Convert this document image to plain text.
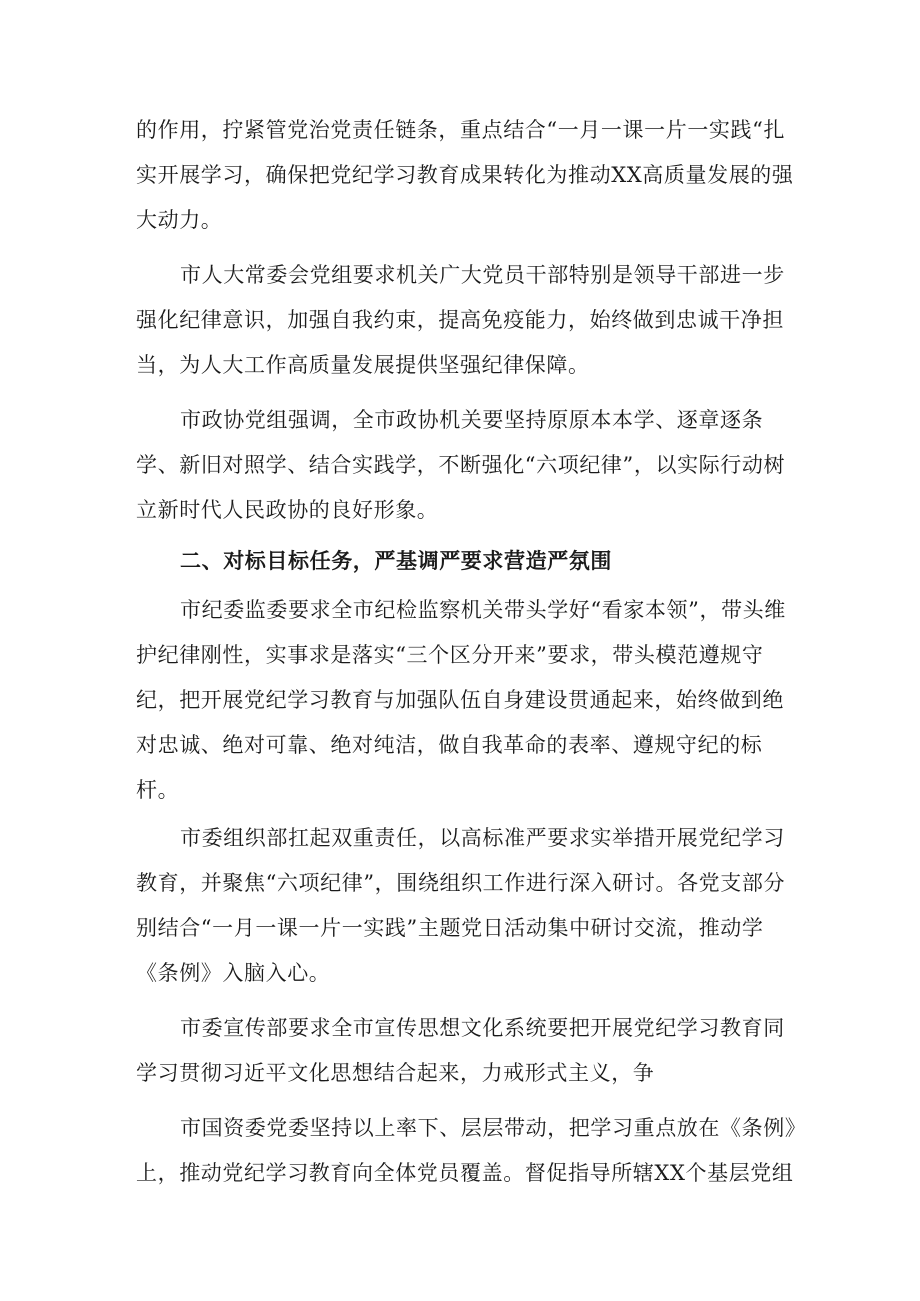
的作用，拧紧管党治党责任链条，重点结合“一月一课一片一实践“扎实开展学习，确保把党纪学习教育成果转化为推动XX高质量发展的强大动力。

市人大常委会党组要求机关广大党员干部特别是领导干部进一步强化纪律意识，加强自我约束，提高免疫能力，始终做到忠诚干净担当，为人大工作高质量发展提供坚强纪律保障。

市政协党组强调，全市政协机关要坚持原原本本学、逐章逐条学、新旧对照学、结合实践学，不断强化“六项纪律”，以实际行动树立新时代人民政协的良好形象。

二、对标目标任务，严基调严要求营造严氛围

市纪委监委要求全市纪检监察机关带头学好“看家本领”，带头维护纪律刚性，实事求是落实“三个区分开来”要求，带头模范遵规守纪，把开展党纪学习教育与加强队伍自身建设贯通起来，始终做到绝对忠诚、绝对可靠、绝对纯洁，做自我革命的表率、遵规守纪的标杆。

市委组织部扛起双重责任，以高标准严要求实举措开展党纪学习教育，并聚焦“六项纪律”，围绕组织工作进行深入研讨。各党支部分别结合“一月一课一片一实践”主题党日活动集中研讨交流，推动学《条例》入脑入心。

市委宣传部要求全市宣传思想文化系统要把开展党纪学习教育同学习贯彻习近平文化思想结合起来，力戒形式主义，争

市国资委党委坚持以上率下、层层带动，把学习重点放在《条例》上，推动党纪学习教育向全体党员覆盖。督促指导所辖XX个基层党组
